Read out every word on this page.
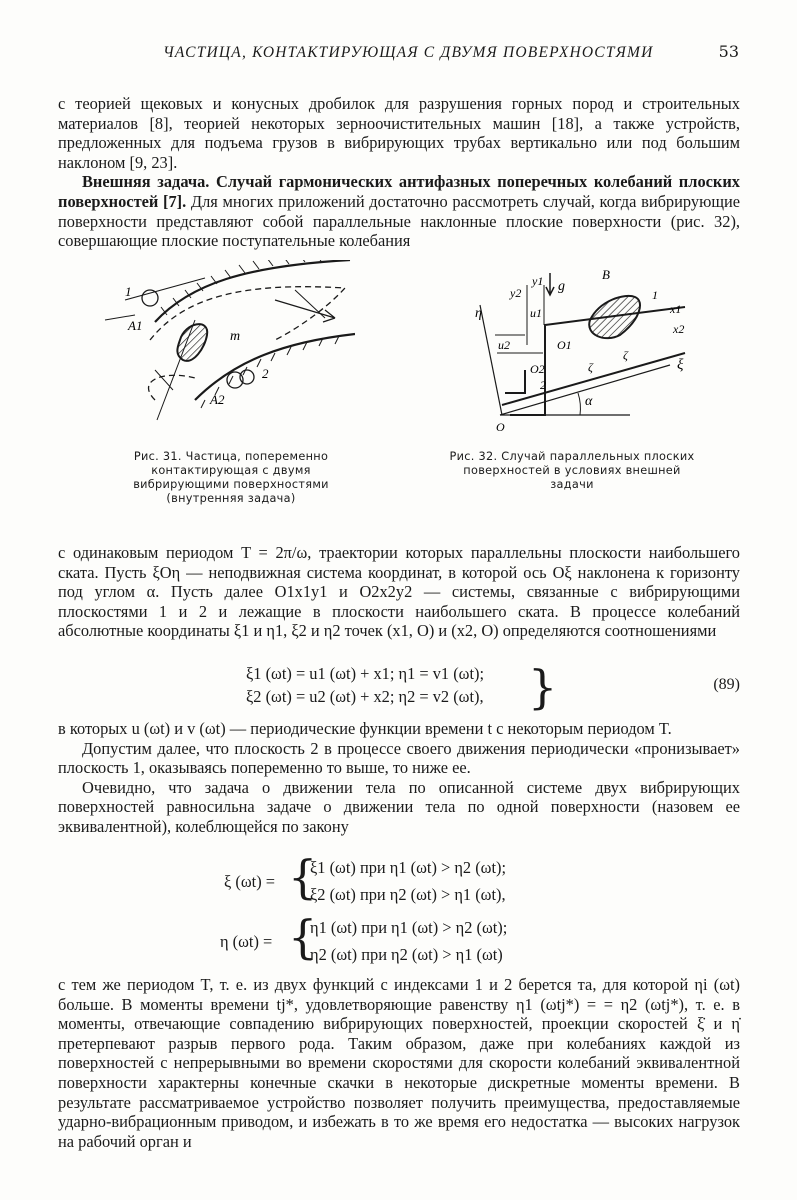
ЧАСТИЦА, КОНТАКТИРУЮЩАЯ С ДВУМЯ ПОВЕРХНОСТЯМИ	53

с теорией щековых и конусных дробилок для разрушения горных пород и строительных материалов [8], теорией некоторых зерноочистительных машин [18], а также устройств, предложенных для подъема грузов в вибрирующих трубах вертикально или под большим наклоном [9, 23].

Внешняя задача. Случай гармонических антифазных поперечных колебаний плоских поверхностей [7]. Для многих приложений достаточно рассмотреть случай, когда вибрирующие поверхности представляют собой параллельные наклонные плоские поверхности (рис. 32), совершающие плоские поступательные колебания

1
A1
m
2
A2
Рис. 31. Частица, попеременно контактирующая с двумя вибрирующими поверхностями (внутренняя задача)
η
y2
y1 g
B
1
x1
x2
u1
u2	O1
O2
2
ζ
ζ
ξ
α
O
Рис. 32. Случай параллельных плоских поверхностей в условиях внешней задачи
с одинаковым периодом T = 2π/ω, траектории которых параллельны плоскости наибольшего ската. Пусть ξOη — неподвижная система координат, в которой ось Oξ наклонена к горизонту под углом α. Пусть далее O1x1y1 и O2x2y2 — системы, связанные с вибрирующими плоскостями 1 и 2 и лежащие в плоскости наибольшего ската. В процессе колебаний абсолютные координаты ξ1 и η1, ξ2 и η2 точек (x1, O) и (x2, O) определяются соотношениями
ξ1 (ωt) = u1 (ωt) + x1; η1 = v1 (ωt);
ξ2 (ωt) = u2 (ωt) + x2; η2 = v2 (ωt), }	(89)

в которых u (ωt) и v (ωt) — периодические функции времени t с некоторым периодом T.

Допустим далее, что плоскость 2 в процессе своего движения периодически «пронизывает» плоскость 1, оказываясь попеременно то выше, то ниже ее.

Очевидно, что задача о движении тела по описанной системе двух вибрирующих поверхностей равносильна задаче о движении тела по одной поверхности (назовем ее эквивалентной), колеблющейся по закону

ξ (ωt) = {
ξ1 (ωt) при η1 (ωt) > η2 (ωt);
ξ2 (ωt) при η2 (ωt) > η1 (ωt),
η (ωt) = {
η1 (ωt) при η1 (ωt) > η2 (ωt);
η2 (ωt) при η2 (ωt) > η1 (ωt)
с тем же периодом T, т. е. из двух функций с индексами 1 и 2 берется та, для которой ηi (ωt) больше. В моменты времени tj*, удовлетворяющие равенству η1 (ωtj*) = = η2 (ωtj*), т. е. в моменты, отвечающие совпадению вибрирующих поверхностей, проекции скоростей ξ̇ и η̇ претерпевают разрыв первого рода. Таким образом, даже при колебаниях каждой из поверхностей с непрерывными во времени скоростями для скорости колебаний эквивалентной поверхности характерны конечные скачки в некоторые дискретные моменты времени. В результате рассматриваемое устройство позволяет получить преимущества, предоставляемые ударно-вибрационным приводом, и избежать в то же время его недостатка — высоких нагрузок на рабочий орган и
